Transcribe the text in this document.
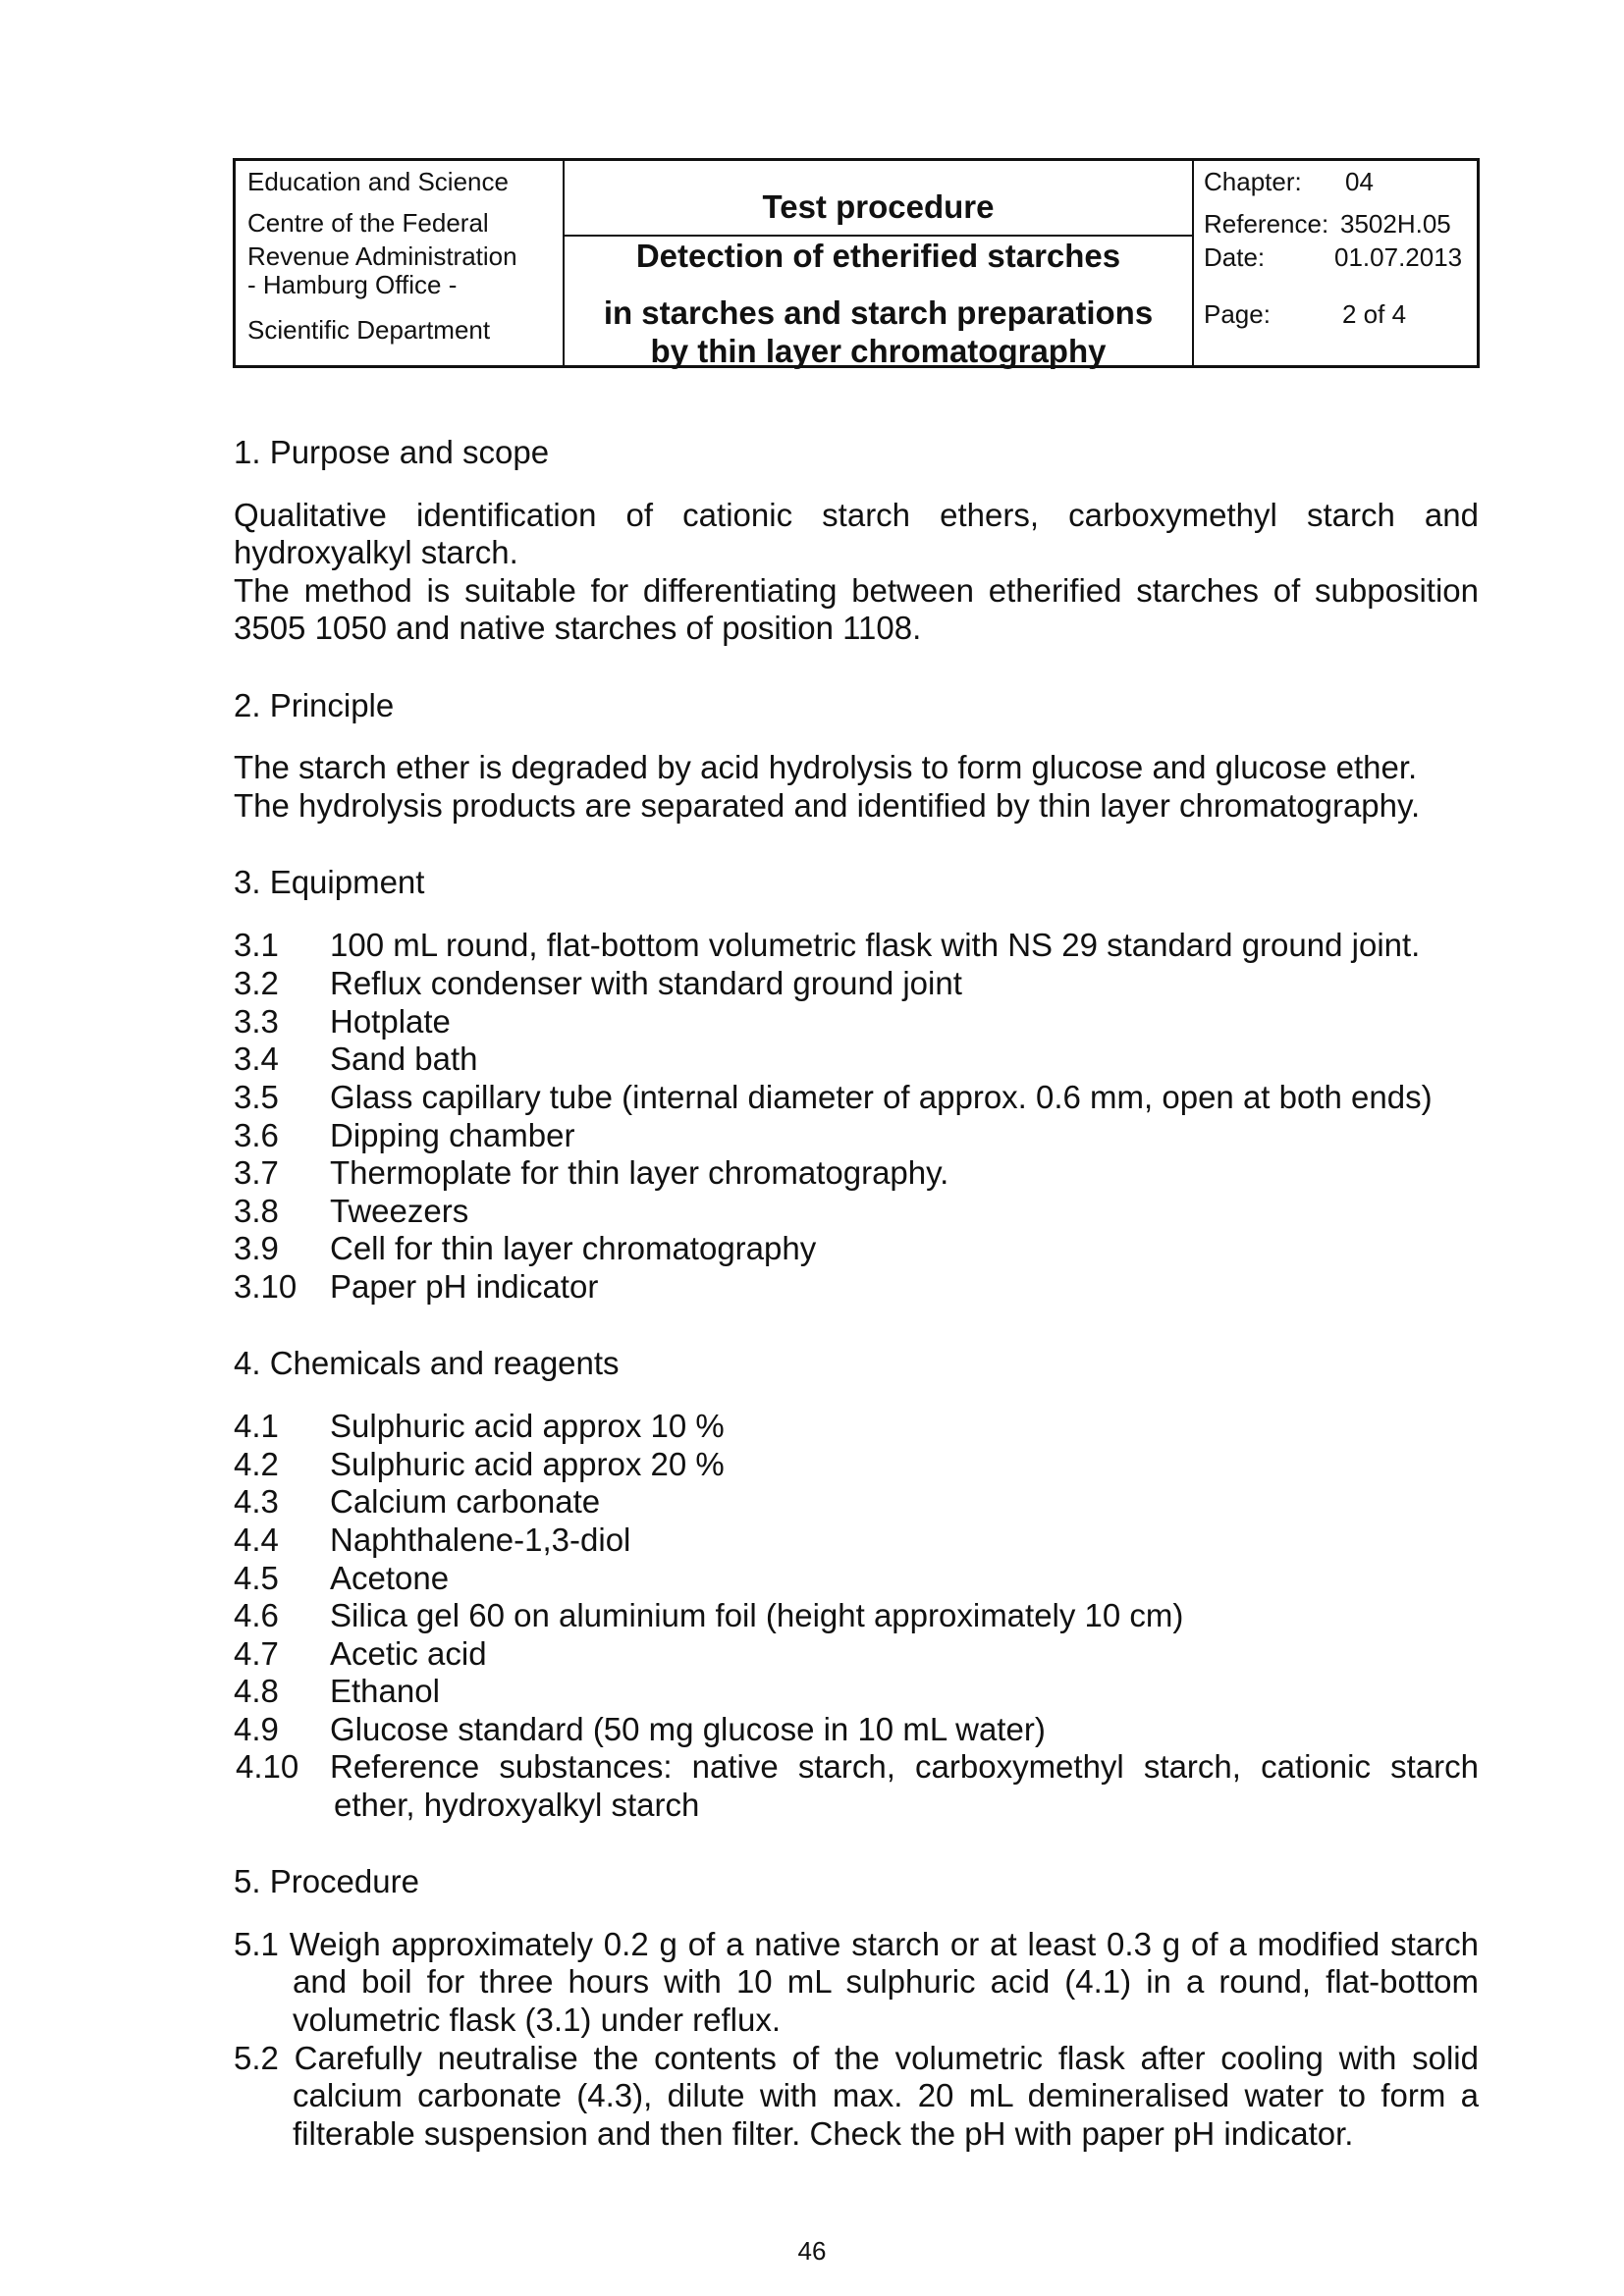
Education and Science
Centre of the Federal
Revenue Administration
- Hamburg Office -
Scientific Department
Test procedure
Detection of etherified starches
in starches and starch preparations
by thin layer chromatography
Chapter: 04
Reference: 3502H.05
Date:	01.07.2013
Page:	2 of 4
1. Purpose and scope
Qualitative identification of cationic starch ethers, carboxymethyl starch and
hydroxyalkyl starch.
The method is suitable for differentiating between etherified starches of subposition
3505 1050 and native starches of position 1108.
2. Principle
The starch ether is degraded by acid hydrolysis to form glucose and glucose ether.
The hydrolysis products are separated and identified by thin layer chromatography.
3. Equipment
3.1 100 mL round, flat-bottom volumetric flask with NS 29 standard ground joint.
3.2 Reflux condenser with standard ground joint
3.3 Hotplate
3.4 Sand bath
3.5 Glass capillary tube (internal diameter of approx. 0.6 mm, open at both ends)
3.6 Dipping chamber
3.7 Thermoplate for thin layer chromatography.
3.8 Tweezers
3.9 Cell for thin layer chromatography
3.10 Paper pH indicator
4. Chemicals and reagents
4.1 Sulphuric acid approx 10 %
4.2 Sulphuric acid approx 20 %
4.3 Calcium carbonate
4.4 Naphthalene-1,3-diol
4.5 Acetone
4.6 Silica gel 60 on aluminium foil (height approximately 10 cm)
4.7 Acetic acid
4.8 Ethanol
4.9 Glucose standard (50 mg glucose in 10 mL water)
4.10 Reference substances: native starch, carboxymethyl starch, cationic starch
ether, hydroxyalkyl starch
5. Procedure
5.1 Weigh approximately 0.2 g of a native starch or at least 0.3 g of a modified starch
and boil for three hours with 10 mL sulphuric acid (4.1) in a round, flat-bottom
volumetric flask (3.1) under reflux.
5.2 Carefully neutralise the contents of the volumetric flask after cooling with solid
calcium carbonate (4.3), dilute with max. 20 mL demineralised water to form a
filterable suspension and then filter. Check the pH with paper pH indicator.
46
